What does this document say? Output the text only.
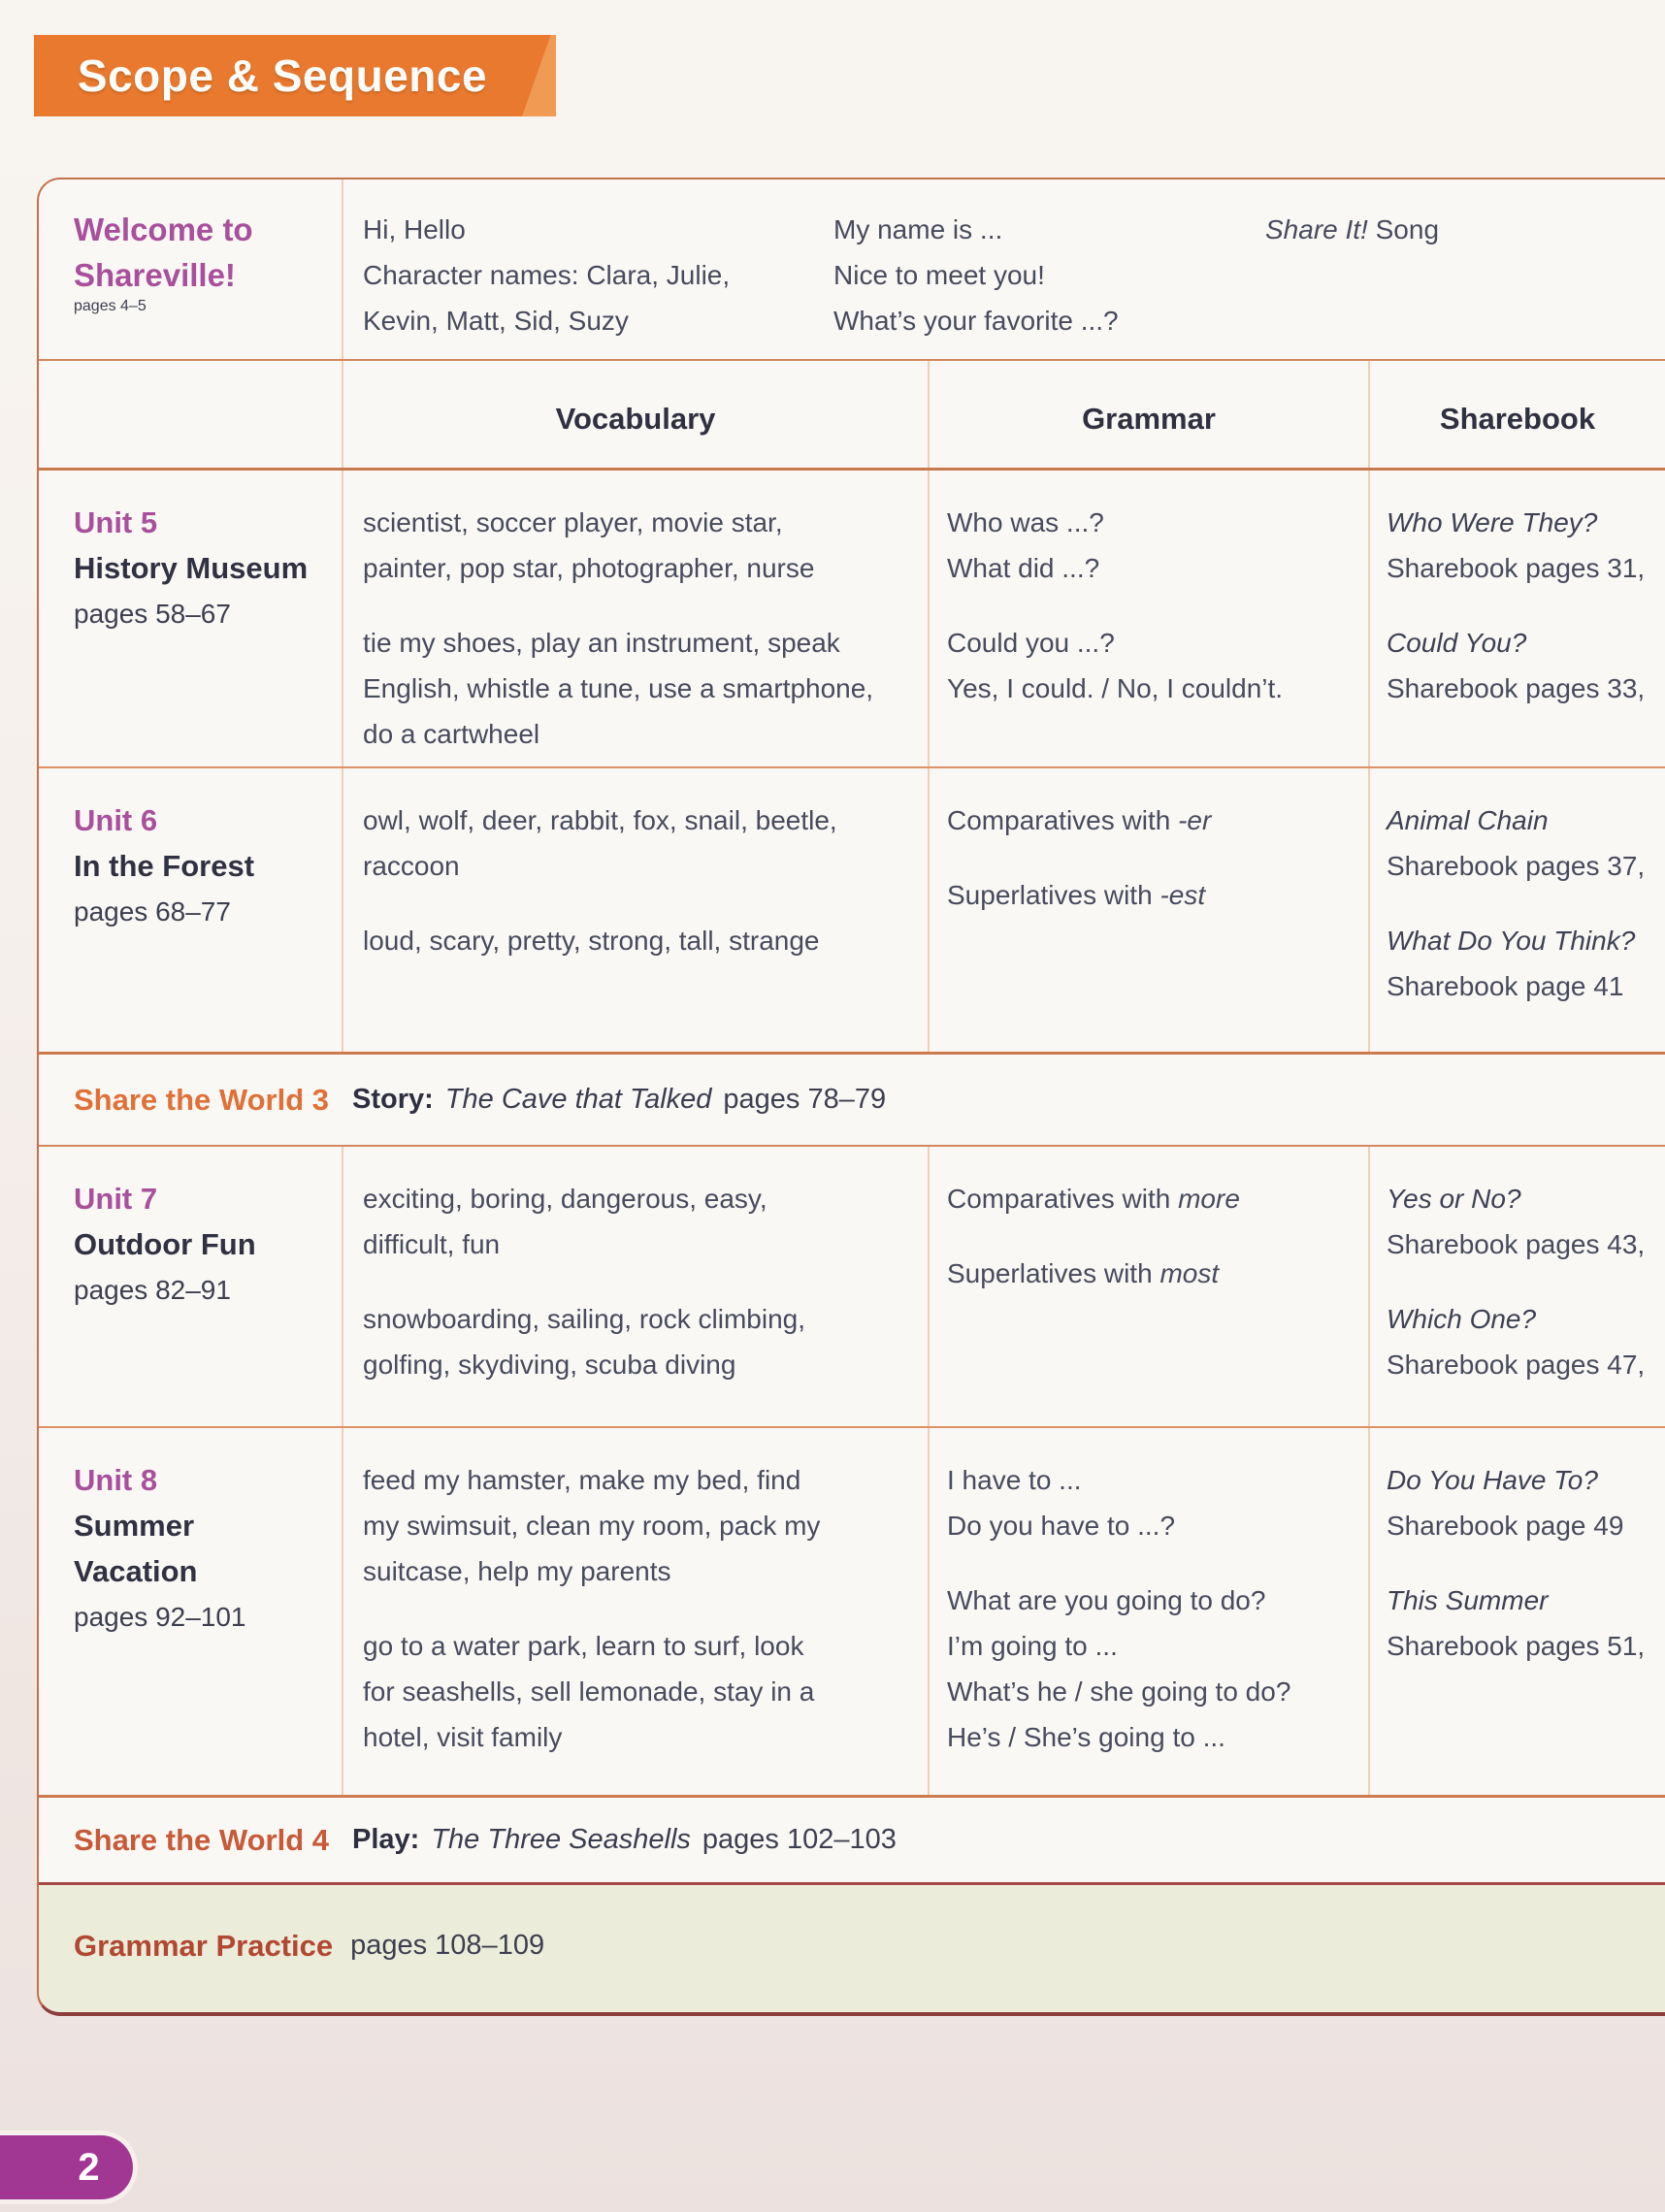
Scope & Sequence
Welcome to
Shareville!
pages 4–5
Hi, Hello
Character names: Clara, Julie,
Kevin, Matt, Sid, Suzy
My name is ...
Nice to meet you!
What’s your favorite ...?
Share It! Song
Vocabulary	Grammar	Sharebook
Unit 5
History Museum
pages 58–67
scientist, soccer player, movie star,
painter, pop star, photographer, nurse
tie my shoes, play an instrument, speak
English, whistle a tune, use a smartphone,
do a cartwheel
Who was ...?
What did ...?
Could you ...?
Yes, I could. / No, I couldn’t.
Who Were They?
Sharebook pages 31,
Could You?
Sharebook pages 33,
Unit 6
In the Forest
pages 68–77
owl, wolf, deer, rabbit, fox, snail, beetle,
raccoon
loud, scary, pretty, strong, tall, strange
Comparatives with -er
Superlatives with -est
Animal Chain
Sharebook pages 37,
What Do You Think?
Sharebook page 41
Share the World 3 Story: The Cave that Talked pages 78–79
Unit 7
Outdoor Fun
pages 82–91
exciting, boring, dangerous, easy,
difficult, fun
snowboarding, sailing, rock climbing,
golfing, skydiving, scuba diving
Comparatives with more
Superlatives with most
Yes or No?
Sharebook pages 43,
Which One?
Sharebook pages 47,
Unit 8
Summer
Vacation
pages 92–101
feed my hamster, make my bed, find
my swimsuit, clean my room, pack my
suitcase, help my parents
go to a water park, learn to surf, look
for seashells, sell lemonade, stay in a
hotel, visit family
I have to ...
Do you have to ...?
What are you going to do?
I’m going to ...
What’s he / she going to do?
He’s / She’s going to ...
Do You Have To?
Sharebook page 49
This Summer
Sharebook pages 51,
Share the World 4 Play: The Three Seashells pages 102–103
Grammar Practice pages 108–109
2
